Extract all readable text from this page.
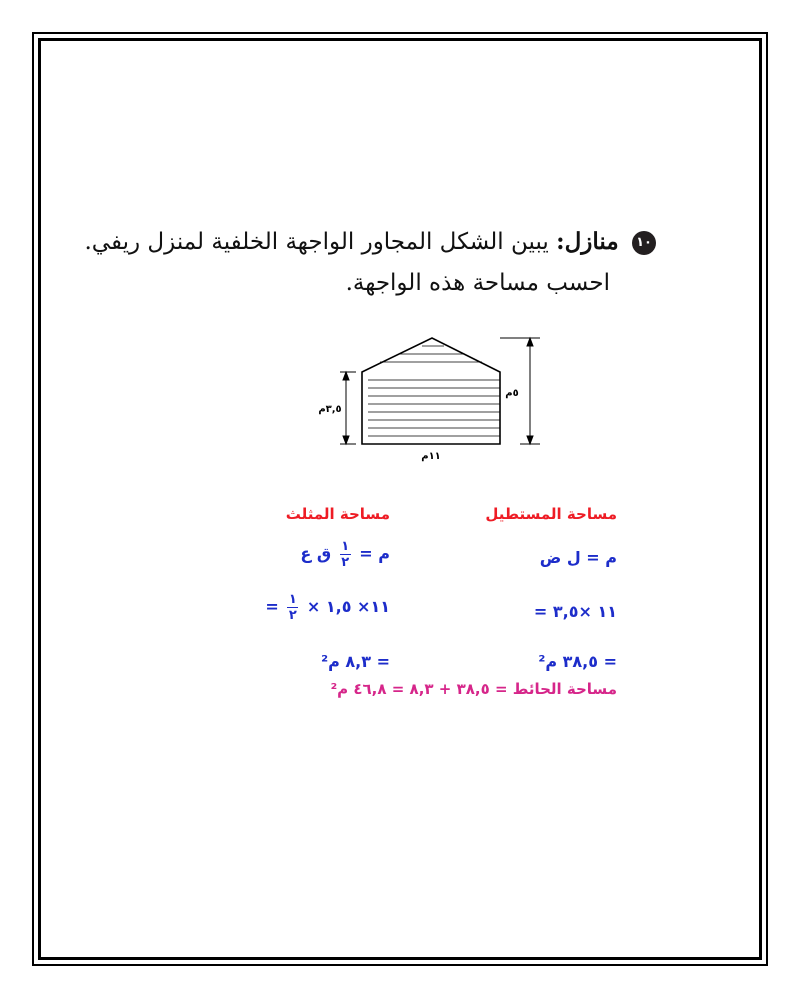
١٠ منازل: يبين الشكل المجاور الواجهة الخلفية لمنزل ريفي.
احسب مساحة هذه الواجهة.
٣,٥م
٥م
١١م
مساحة المستطيل
مساحة المثلث
م = ل ض
م =
$\frac{١}{٢}$
ق ع
= ١١ ×٣,٥
= $\frac{١}{٢}$ × ١١× ١,٥
= ٣٨,٥ م²
= ٨,٣ م²
مساحة الحائط = ٣٨,٥ + ٨,٣ = ٤٦,٨ م²
